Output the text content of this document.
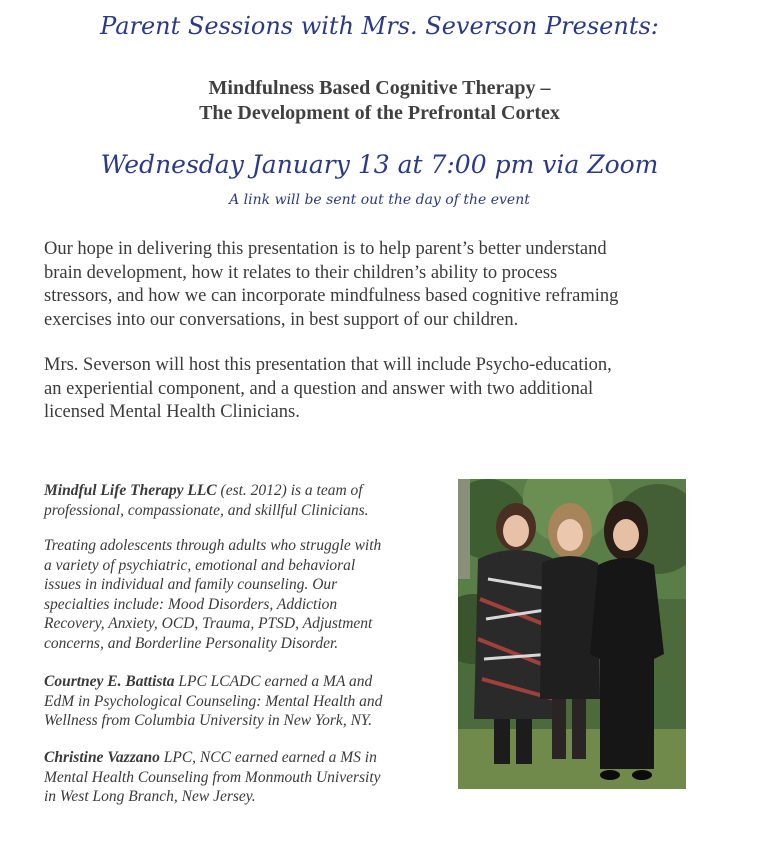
Parent Sessions with Mrs. Severson Presents:
Mindfulness Based Cognitive Therapy –
The Development of the Prefrontal Cortex
Wednesday January 13 at 7:00 pm via Zoom
A link will be sent out the day of the event
Our hope in delivering this presentation is to help parent’s better understand
brain development, how it relates to their children’s ability to process
stressors, and how we can incorporate mindfulness based cognitive reframing
exercises into our conversations, in best support of our children.
Mrs. Severson will host this presentation that will include Psycho-education,
an experiential component, and a question and answer with two additional
licensed Mental Health Clinicians.
Mindful Life Therapy LLC (est. 2012) is a team of
professional, compassionate, and skillful Clinicians.
Treating adolescents through adults who struggle with
a variety of psychiatric, emotional and behavioral
issues in individual and family counseling. Our
specialties include: Mood Disorders, Addiction
Recovery, Anxiety, OCD, Trauma, PTSD, Adjustment
concerns, and Borderline Personality Disorder.
Courtney E. Battista LPC LCADC earned a MA and
EdM in Psychological Counseling: Mental Health and
Wellness from Columbia University in New York, NY.
Christine Vazzano LPC, NCC earned earned a MS in
Mental Health Counseling from Monmouth University
in West Long Branch, New Jersey.
